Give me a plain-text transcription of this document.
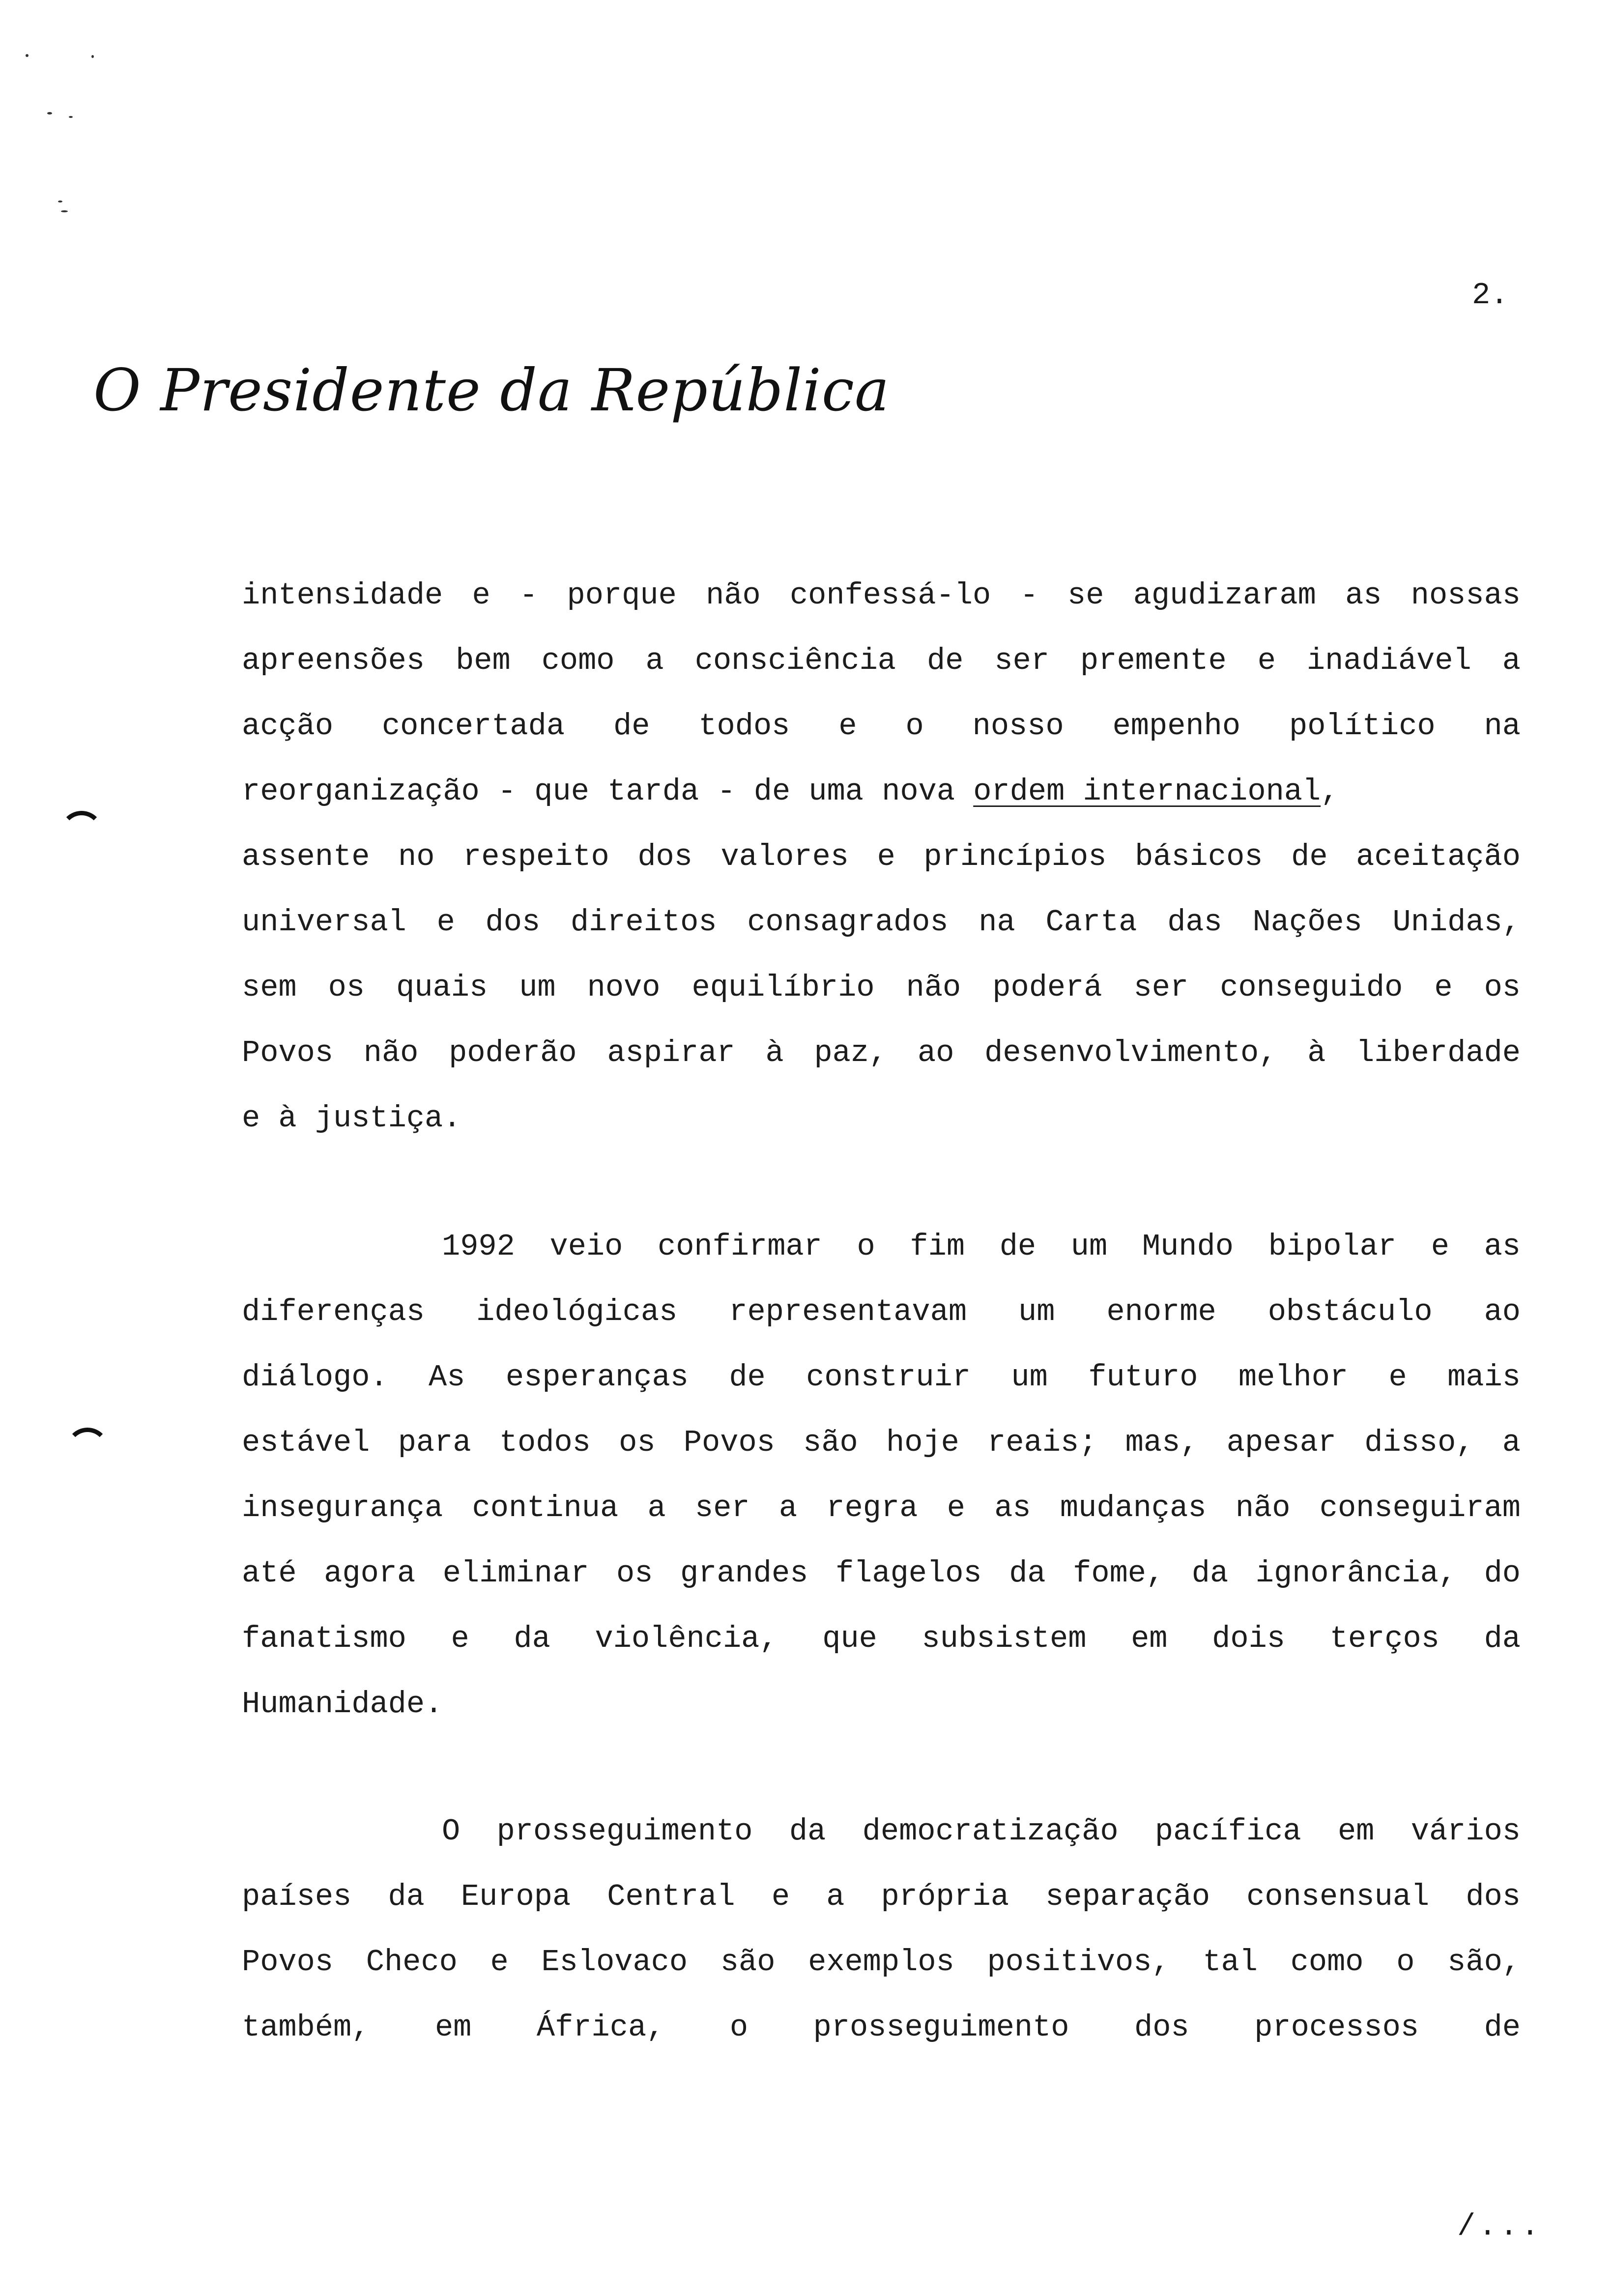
2.
O Presidente da República
intensidade e - porque não confessá-lo - se agudizaram as nossas
apreensões bem como a consciência de ser premente e inadiável a
acção concertada de todos e o nosso empenho político na
reorganização - que tarda - de uma nova ordem internacional,
assente no respeito dos valores e princípios básicos de aceitação
universal e dos direitos consagrados na Carta das Nações Unidas,
sem os quais um novo equilíbrio não poderá ser conseguido e os
Povos não poderão aspirar à paz, ao desenvolvimento, à liberdade
e à justiça.
1992 veio confirmar o fim de um Mundo bipolar e as
diferenças ideológicas representavam um enorme obstáculo ao
diálogo. As esperanças de construir um futuro melhor e mais
estável para todos os Povos são hoje reais; mas, apesar disso, a
insegurança continua a ser a regra e as mudanças não conseguiram
até agora eliminar os grandes flagelos da fome, da ignorância, do
fanatismo e da violência, que subsistem em dois terços da
Humanidade.
O prosseguimento da democratização pacífica em vários
países da Europa Central e a própria separação consensual dos
Povos Checo e Eslovaco são exemplos positivos, tal como o são,
também, em África, o prosseguimento dos processos de
/...
